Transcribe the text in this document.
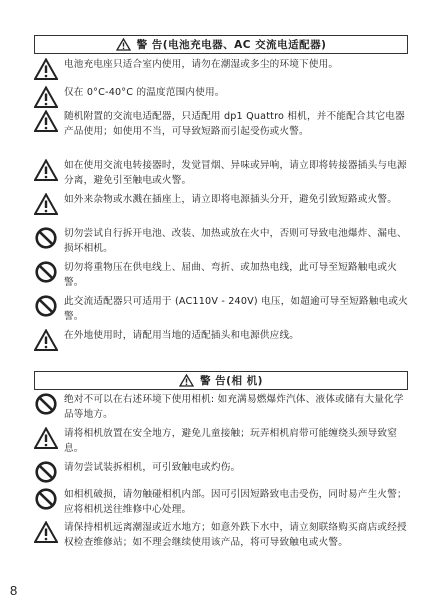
警 告(电池充电器、AC 交流电适配器)
电池充电座只适合室内使用，请勿在潮湿或多尘的环境下使用。
仅在 0°C-40°C 的温度范围内使用。
随机附置的交流电适配器，只适配用 dp1 Quattro 相机，并不能配合其它电器产品使用；如使用不当，可导致短路而引起受伤或火警。
如在使用交流电转接器时，发觉冒烟、异味或异响，请立即将转接器插头与电源分离，避免引至触电或火警。
如外来杂物或水溅在插座上，请立即将电源插头分开，避免引致短路或火警。
切勿尝试自行拆开电池、改装、加热或放在火中，否则可导致电池爆炸、漏电、损坏相机。
切勿将重物压在供电线上、屈曲、弯折、或加热电线，此可导至短路触电或火警。
此交流适配器只可适用于 (AC110V - 240V) 电压，如超逾可导至短路触电或火警。
在外地使用时，请配用当地的适配插头和电源供应线。
警 告(相 机)
绝对不可以在右述环境下使用相机: 如充满易燃爆炸汽体、液体或储有大量化学品等地方。
请将相机放置在安全地方，避免儿童接触；玩弄相机肩带可能缠绕头颈导致窒息。
请勿尝试装拆相机，可引致触电或灼伤。
如相机破损，请勿触碰相机内部。因可引因短路致电击受伤，同时易产生火警；应将相机送往维修中心处理。
请保持相机远离潮湿或近水地方；如意外跌下水中，请立刻联络购买商店或经授权检查维修站；如不理会继续使用该产品，将可导致触电或火警。
8
